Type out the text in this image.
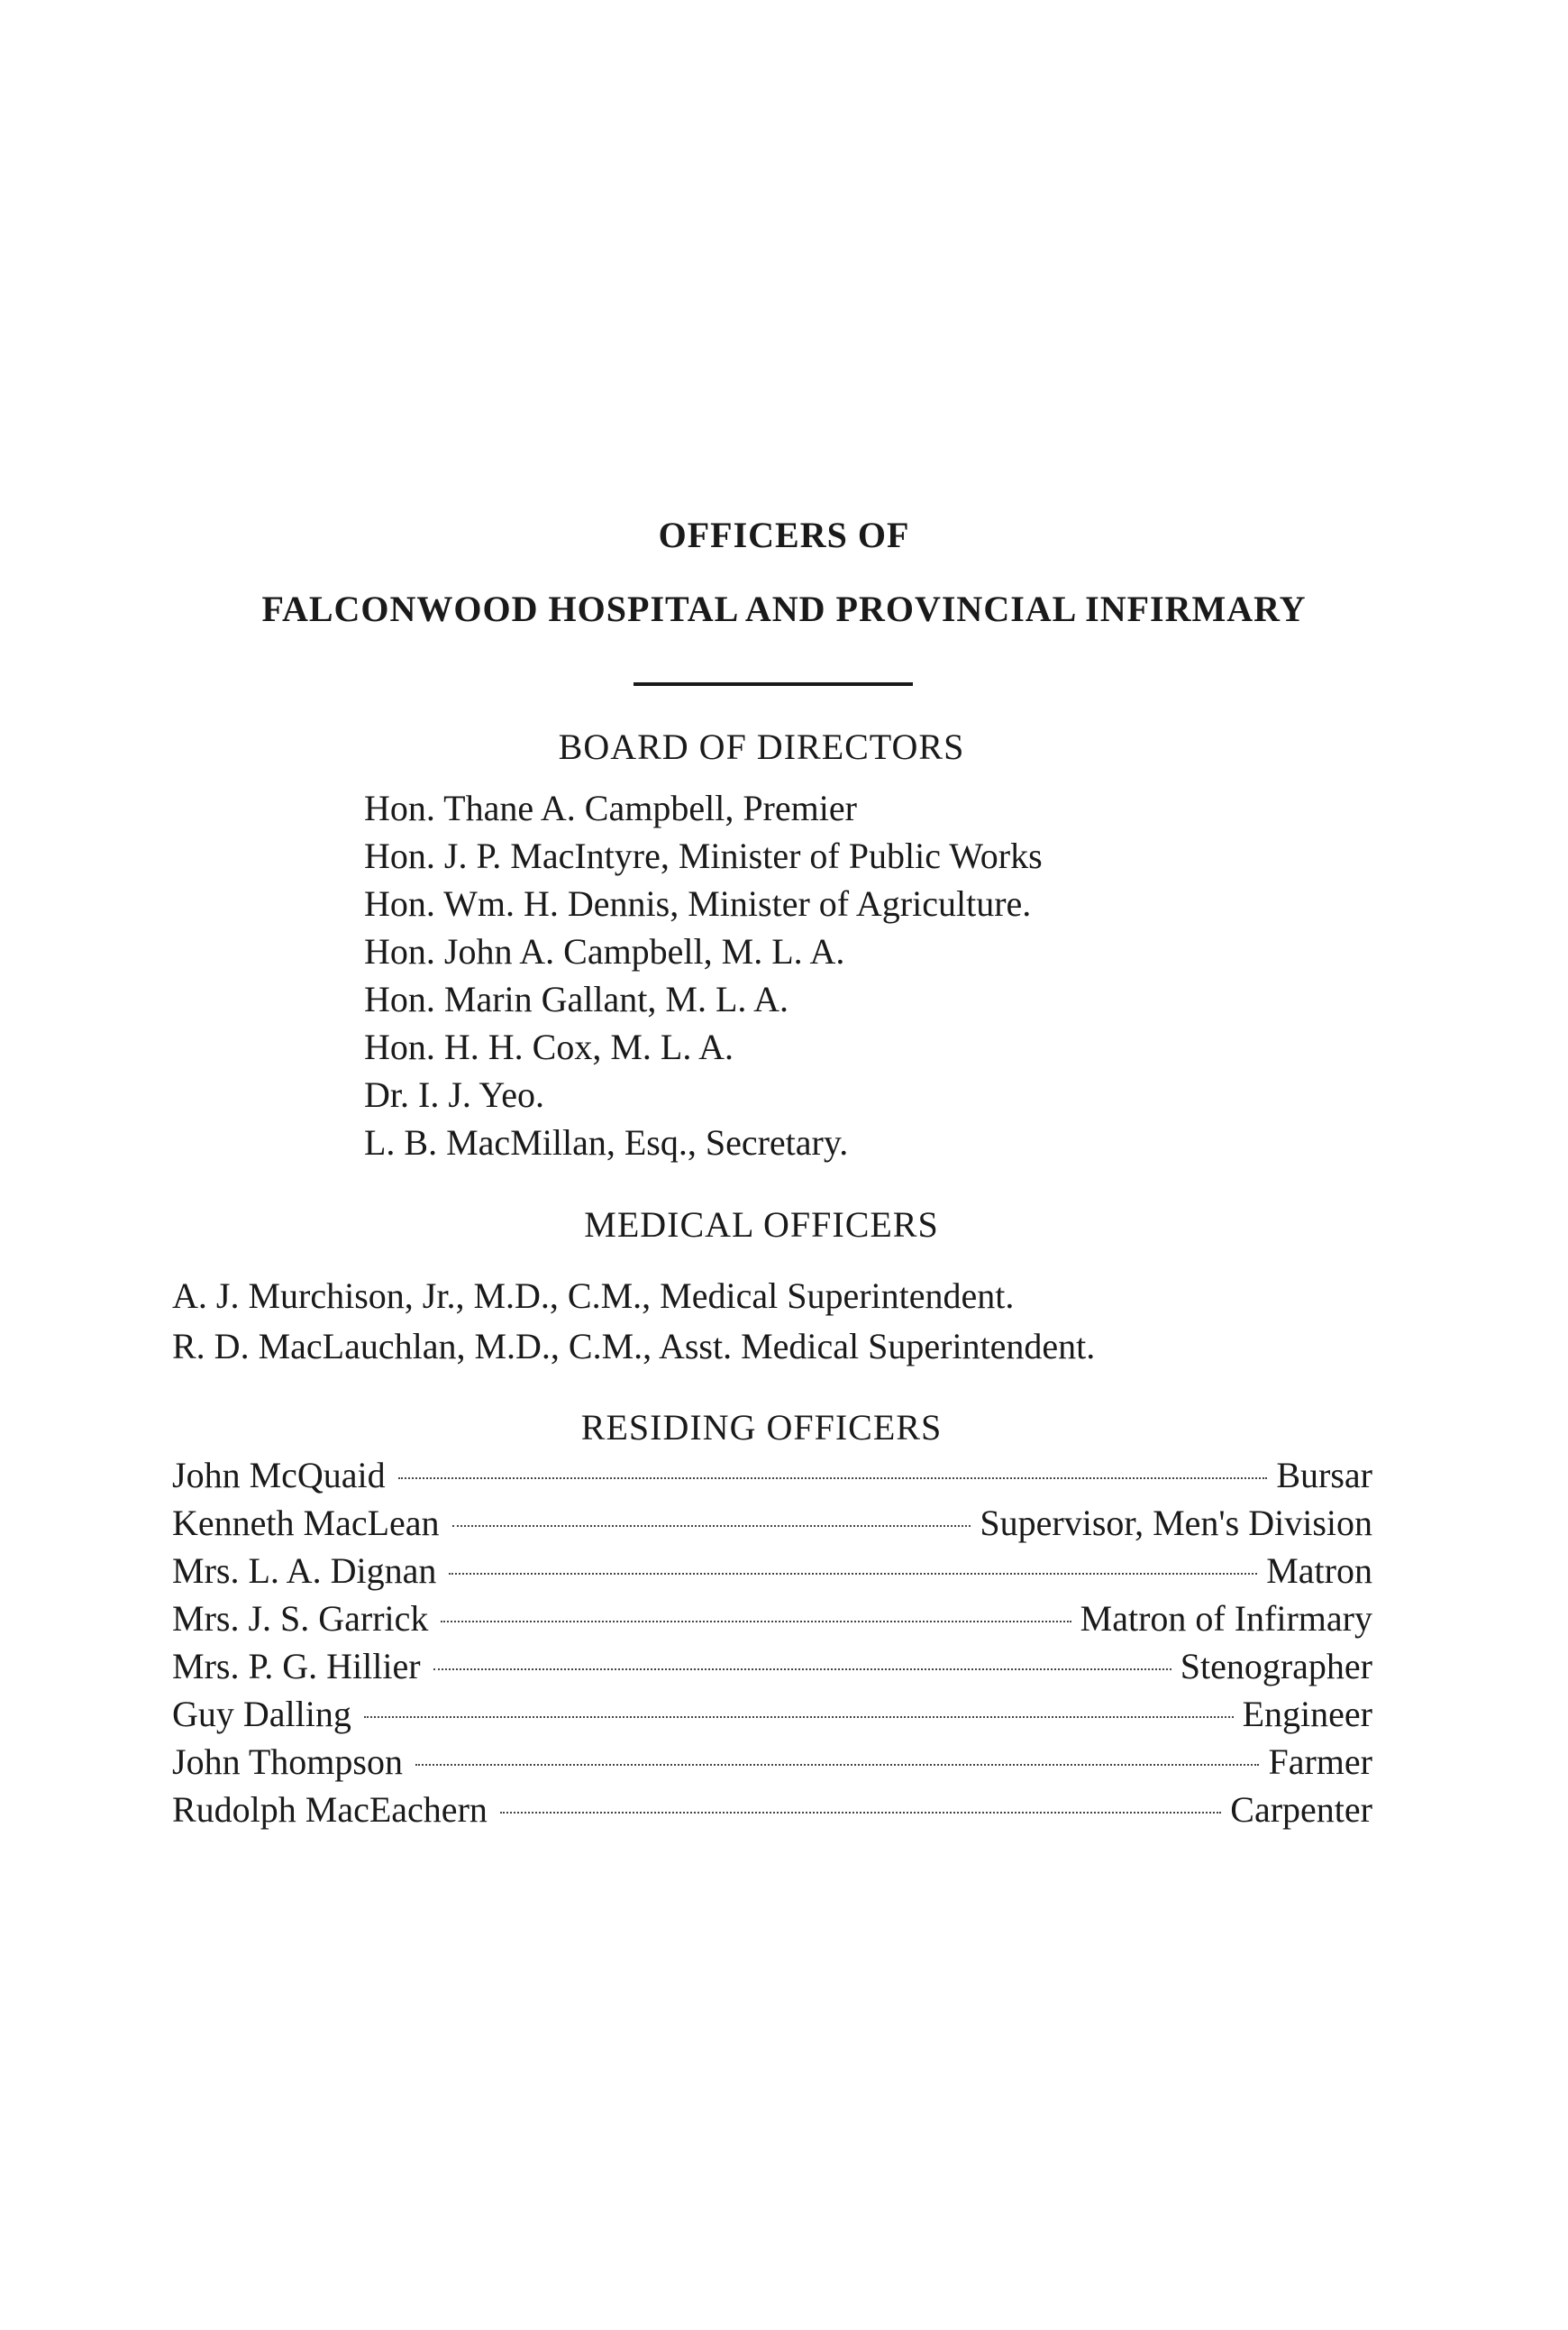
OFFICERS OF
FALCONWOOD HOSPITAL AND PROVINCIAL INFIRMARY
BOARD OF DIRECTORS
Hon. Thane A. Campbell, Premier
Hon. J. P. MacIntyre, Minister of Public Works
Hon. Wm. H. Dennis, Minister of Agriculture.
Hon. John A. Campbell, M. L. A.
Hon. Marin Gallant, M. L. A.
Hon. H. H. Cox, M. L. A.
Dr. I. J. Yeo.
L. B. MacMillan, Esq., Secretary.
MEDICAL OFFICERS
A. J. Murchison, Jr., M.D., C.M., Medical Superintendent.
R. D. MacLauchlan, M.D., C.M., Asst. Medical Superintendent.
RESIDING OFFICERS
John McQuaid	Bursar
Kenneth MacLean	Supervisor, Men's Division
Mrs. L. A. Dignan	Matron
Mrs. J. S. Garrick	Matron of Infirmary
Mrs. P. G. Hillier	Stenographer
Guy Dalling	Engineer
John Thompson	Farmer
Rudolph MacEachern	Carpenter
